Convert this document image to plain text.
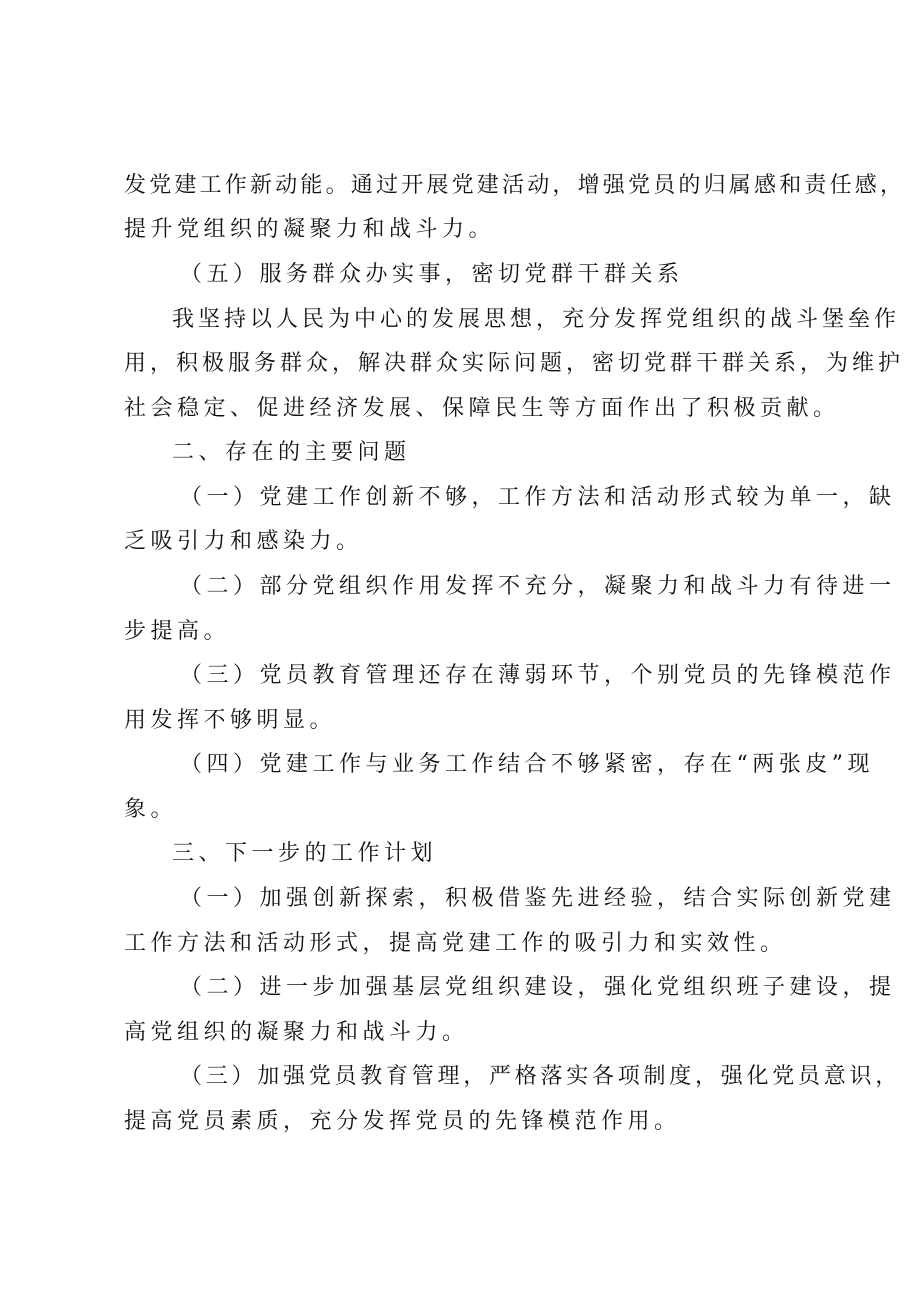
发党建工作新动能。通过开展党建活动，增强党员的归属感和责任感，
提升党组织的凝聚力和战斗力。
（五）服务群众办实事，密切党群干群关系
我坚持以人民为中心的发展思想，充分发挥党组织的战斗堡垒作
用，积极服务群众，解决群众实际问题，密切党群干群关系，为维护
社会稳定、促进经济发展、保障民生等方面作出了积极贡献。
二、存在的主要问题
（一）党建工作创新不够，工作方法和活动形式较为单一，缺
乏吸引力和感染力。
（二）部分党组织作用发挥不充分，凝聚力和战斗力有待进一
步提高。
（三）党员教育管理还存在薄弱环节，个别党员的先锋模范作
用发挥不够明显。
（四）党建工作与业务工作结合不够紧密，存在“两张皮”现
象。
三、下一步的工作计划
（一）加强创新探索，积极借鉴先进经验，结合实际创新党建
工作方法和活动形式，提高党建工作的吸引力和实效性。
（二）进一步加强基层党组织建设，强化党组织班子建设，提
高党组织的凝聚力和战斗力。
（三）加强党员教育管理，严格落实各项制度，强化党员意识，
提高党员素质，充分发挥党员的先锋模范作用。
